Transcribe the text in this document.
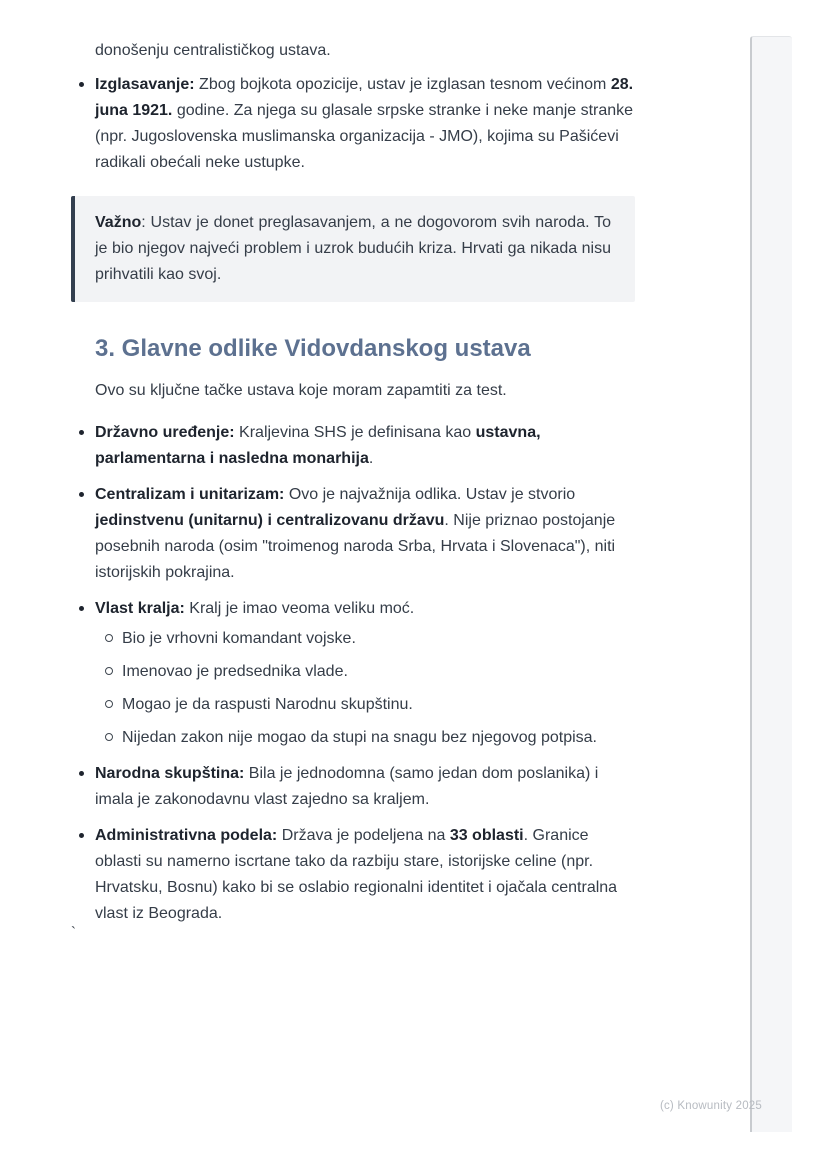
donošenju centralističkog ustava.

Izglasavanje: Zbog bojkota opozicije, ustav je izglasan tesnom većinom 28. juna 1921. godine. Za njega su glasale srpske stranke i neke manje stranke (npr. Jugoslovenska muslimanska organizacija - JMO), kojima su Pašićevi radikali obećali neke ustupke.

Važno: Ustav je donet preglasavanjem, a ne dogovorom svih naroda. To je bio njegov najveći problem i uzrok budućih kriza. Hrvati ga nikada nisu prihvatili kao svoj.

3. Glavne odlike Vidovdanskog ustava

Ovo su ključne tačke ustava koje moram zapamtiti za test.

Državno uređenje: Kraljevina SHS je definisana kao ustavna, parlamentarna i nasledna monarhija.
Centralizam i unitarizam: Ovo je najvažnija odlika. Ustav je stvorio jedinstvenu (unitarnu) i centralizovanu državu. Nije priznao postojanje posebnih naroda (osim "troimenog naroda Srba, Hrvata i Slovenaca"), niti istorijskih pokrajina.
Vlast kralja: Kralj je imao veoma veliku moć.
Bio je vrhovni komandant vojske.
Imenovao je predsednika vlade.
Mogao je da raspusti Narodnu skupštinu.
Nijedan zakon nije mogao da stupi na snagu bez njegovog potpisa.
Narodna skupština: Bila je jednodomna (samo jedan dom poslanika) i imala je zakonodavnu vlast zajedno sa kraljem.
Administrativna podela: Država je podeljena na 33 oblasti. Granice oblasti su namerno iscrtane tako da razbiju stare, istorijske celine (npr. Hrvatsku, Bosnu) kako bi se oslabio regionalni identitet i ojačala centralna vlast iz Beograda.
`
(c) Knowunity 2025
